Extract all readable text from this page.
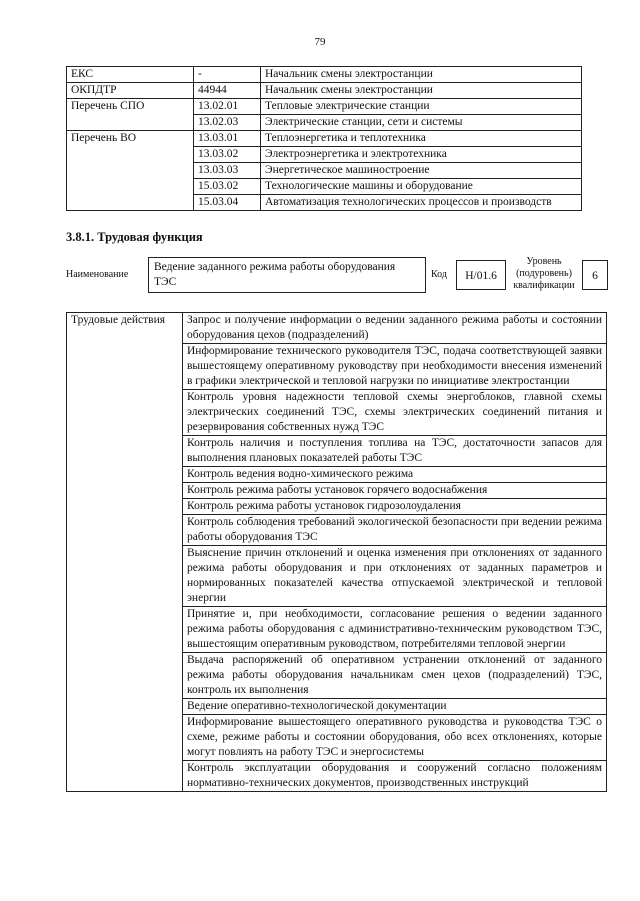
79
ЕКС	-	Начальник смены электростанции
ОКПДТР	44944	Начальник смены электростанции
Перечень СПО	13.02.01	Тепловые электрические станции
	13.02.03	Электрические станции, сети и системы
Перечень ВО	13.03.01	Теплоэнергетика и теплотехника
	13.03.02	Электроэнергетика и электротехника
	13.03.03	Энергетическое машиностроение
	15.03.02	Технологические машины и оборудование
	15.03.04	Автоматизация технологических процессов и производств
3.8.1. Трудовая функция
Наименование
Ведение заданного режима работы оборудования ТЭС
Код	Н/01.6
Уровень (подуровень) квалификации
6
Трудовые действия	Запрос и получение информации о ведении заданного режима работы и состоянии оборудования цехов (подразделений)
Информирование технического руководителя ТЭС, подача соответствующей заявки вышестоящему оперативному руководству при необходимости внесения изменений в графики электрической и тепловой нагрузки по инициативе электростанции
Контроль уровня надежности тепловой схемы энергоблоков, главной схемы электрических соединений ТЭС, схемы электрических соединений питания и резервирования собственных нужд ТЭС
Контроль наличия и поступления топлива на ТЭС, достаточности запасов для выполнения плановых показателей работы ТЭС
Контроль ведения водно-химического режима
Контроль режима работы установок горячего водоснабжения
Контроль режима работы установок гидрозолоудаления
Контроль соблюдения требований экологической безопасности при ведении режима работы оборудования ТЭС
Выяснение причин отклонений и оценка изменения при отклонениях от заданного режима работы оборудования и при отклонениях от заданных параметров и нормированных показателей качества отпускаемой электрической и тепловой энергии
Принятие и, при необходимости, согласование решения о ведении заданного режима работы оборудования с административно-техническим руководством ТЭС, вышестоящим оперативным руководством, потребителями тепловой энергии
Выдача распоряжений об оперативном устранении отклонений от заданного режима работы оборудования начальникам смен цехов (подразделений) ТЭС, контроль их выполнения
Ведение оперативно-технологической документации
Информирование вышестоящего оперативного руководства и руководства ТЭС о схеме, режиме работы и состоянии оборудования, обо всех отклонениях, которые могут повлиять на работу ТЭС и энергосистемы
Контроль эксплуатации оборудования и сооружений согласно положениям нормативно-технических документов, производственных инструкций
